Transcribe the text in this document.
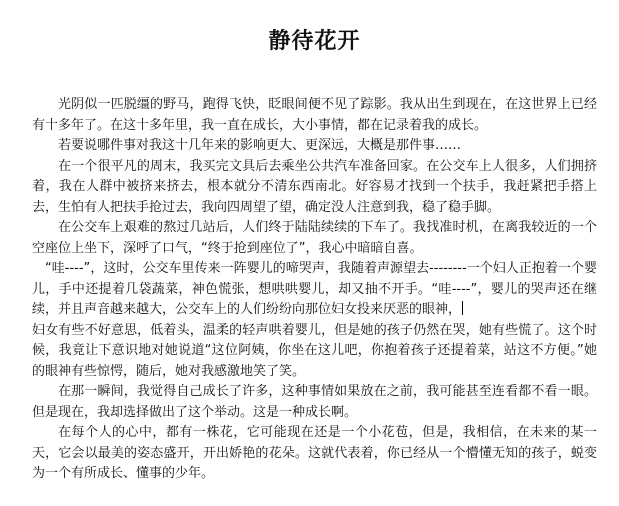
静待花开

光阴似一匹脱缰的野马，跑得飞快，眨眼间便不见了踪影。我从出生到现在，在这世界上已经有十多年了。在这十多年里，我一直在成长，大小事情，都在记录着我的成长。

若要说哪件事对我这十几年来的影响更大、更深远，大概是那件事……

在一个很平凡的周末，我买完文具后去乘坐公共汽车准备回家。在公交车上人很多，人们拥挤着，我在人群中被挤来挤去，根本就分不清东西南北。好容易才找到一个扶手，我赶紧把手搭上去，生怕有人把扶手抢过去，我向四周望了望，确定没人注意到我，稳了稳手脚。

在公交车上艰难的熬过几站后，人们终于陆陆续续的下车了。我找准时机，在离我较近的一个空座位上坐下，深呼了口气，“终于抢到座位了”，我心中暗暗自喜。

“哇----”，这时，公交车里传来一阵婴儿的啼哭声，我随着声源望去--------一个妇人正抱着一个婴儿，手中还提着几袋蔬菜，神色慌张，想哄哄婴儿，却又抽不开手。“哇----”，婴儿的哭声还在继续，并且声音越来越大，公交车上的人们纷纷向那位妇女投来厌恶的眼神，

妇女有些不好意思，低着头，温柔的轻声哄着婴儿，但是她的孩子仍然在哭，她有些慌了。这个时候，我竟让下意识地对她说道“这位阿姨，你坐在这儿吧，你抱着孩子还提着菜，站这不方便。”她的眼神有些惊愕，随后，她对我感激地笑了笑。

在那一瞬间，我觉得自己成长了许多，这种事情如果放在之前，我可能甚至连看都不看一眼。但是现在，我却选择做出了这个举动。这是一种成长啊。

在每个人的心中，都有一株花，它可能现在还是一个小花苞，但是，我相信，在未来的某一天，它会以最美的姿态盛开，开出娇艳的花朵。这就代表着，你已经从一个懵懂无知的孩子，蜕变为一个有所成长、懂事的少年。
